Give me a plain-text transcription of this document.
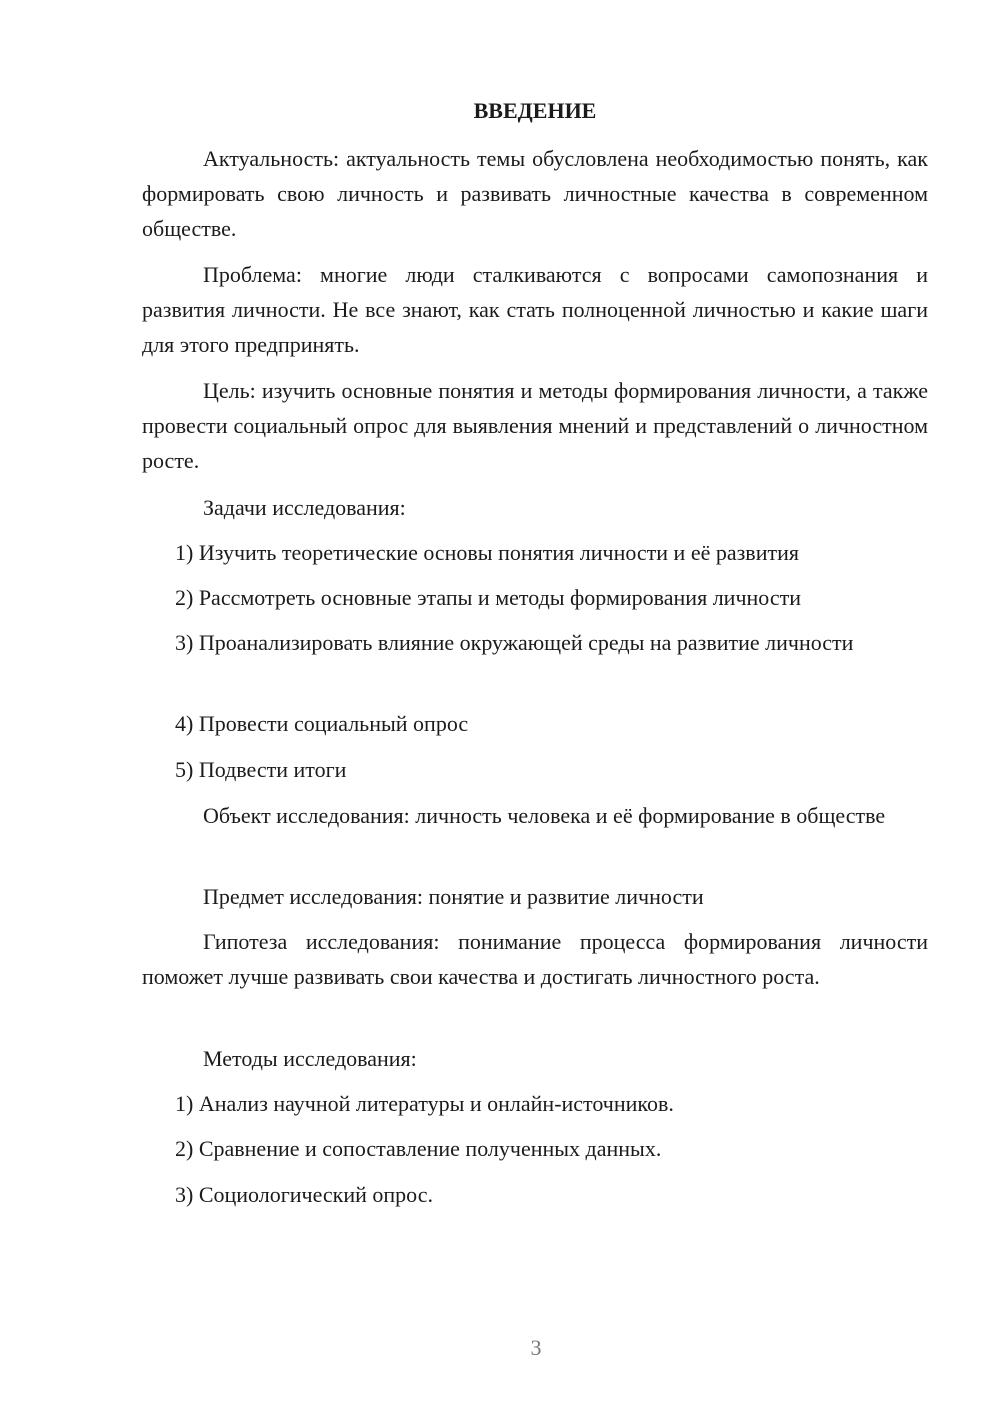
ВВЕДЕНИЕ

Актуальность: актуальность темы обусловлена необходимостью понять, как формировать свою личность и развивать личностные качества в современном обществе.

Проблема: многие люди сталкиваются с вопросами самопознания и развития личности. Не все знают, как стать полноценной личностью и какие шаги для этого предпринять.

Цель: изучить основные понятия и методы формирования личности, а также провести социальный опрос для выявления мнений и представлений о личностном росте.

Задачи исследования:

1) Изучить теоретические основы понятия личности и её развития

2) Рассмотреть основные этапы и методы формирования личности

3) Проанализировать влияние окружающей среды на развитие личности

4) Провести социальный опрос

5) Подвести итоги

Объект исследования: личность человека и её формирование в обществе

Предмет исследования: понятие и развитие личности

Гипотеза исследования: понимание процесса формирования личности поможет лучше развивать свои качества и достигать личностного роста.

Методы исследования:

1) Анализ научной литературы и онлайн-источников.

2) Сравнение и сопоставление полученных данных.

3) Социологический опрос.

3
